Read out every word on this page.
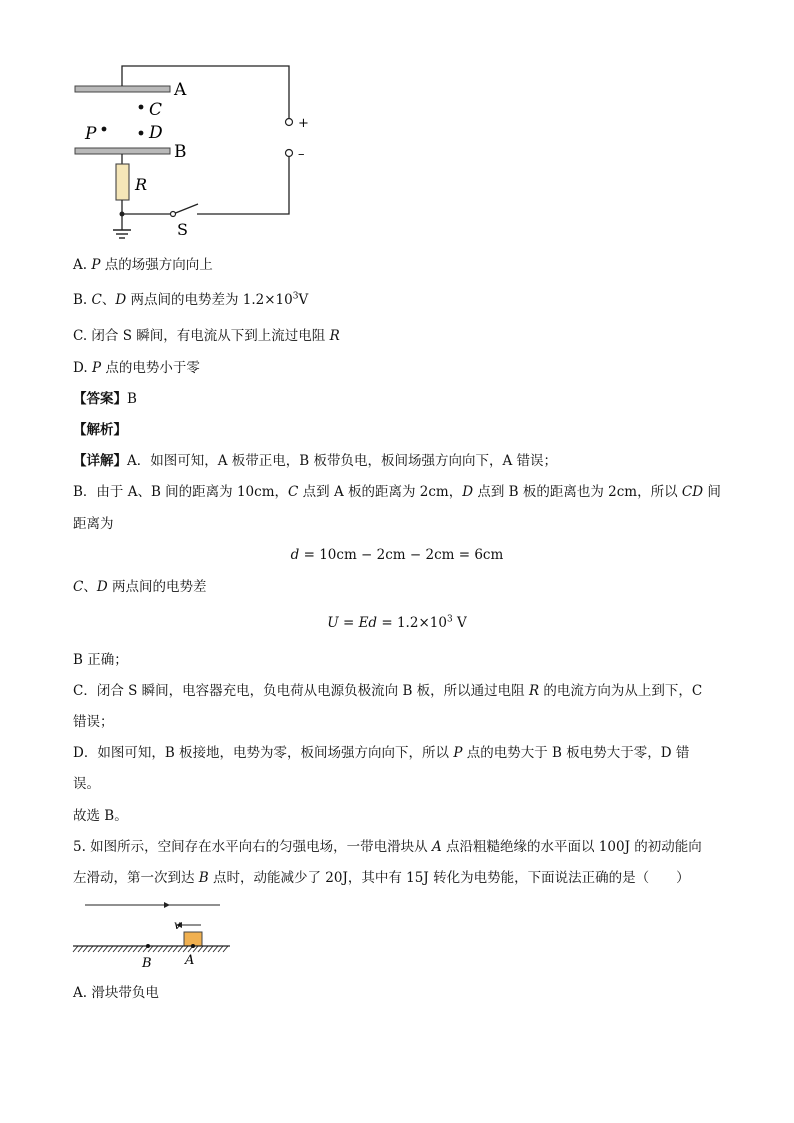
A
B
C
D
P
R
S
+
–
A. P 点的场强方向向上
B. C、D 两点间的电势差为 $1.2\times 10^3V$
C. 闭合 S 瞬间，有电流从下到上流过电阻 R
D. P 点的电势小于零
【答案】B
【解析】
【详解】A．如图可知，A 板带正电，B 板带负电，板间场强方向向下，A 错误；
B．由于 A、B 间的距离为 10cm，C 点到 A 板的距离为 2cm，D 点到 B 板的距离也为 2cm，所以 CD 间
距离为
d = 10cm − 2cm − 2cm = 6cm
C、D 两点间的电势差
$U = Ed = 1.2\times 10^3$ V
B 正确；
C．闭合 S 瞬间，电容器充电，负电荷从电源负极流向 B 板，所以通过电阻 R 的电流方向为从上到下，C
错误；
D．如图可知，B 板接地，电势为零，板间场强方向向下，所以 P 点的电势大于 B 板电势大于零，D 错
误。
故选 B。
5. 如图所示，空间存在水平向右的匀强电场，一带电滑块从 A 点沿粗糙绝缘的水平面以 100J 的初动能向
左滑动，第一次到达 B 点时，动能减少了 20J，其中有 15J 转化为电势能，下面说法正确的是（　　）
v
B	A
A. 滑块带负电
